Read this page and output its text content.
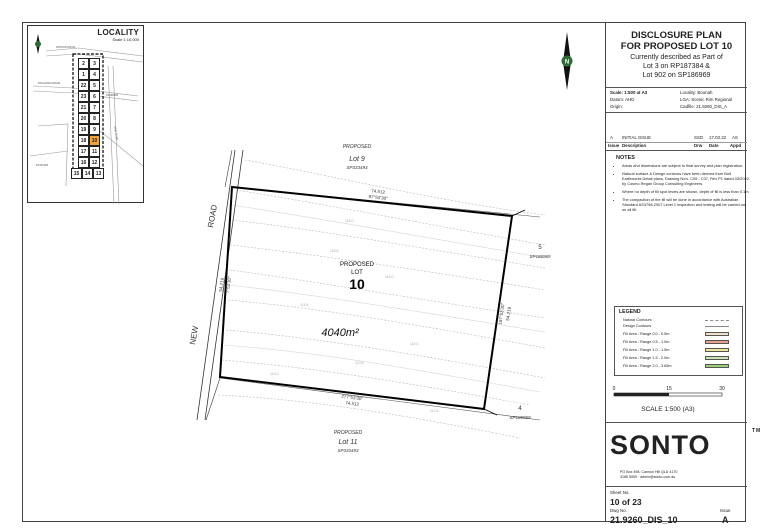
N
ROAD
NEW
PROPOSED
Lot 9
SP333493
PROPOSED
Lot 11
SP333493
PROPOSED
LOT
10
4040m²
5
SP186969
4
SP186969
74.512
97°53'30"
277°53'30"
74.512
54.219 7°53'30"
187°53'30" 54.219
116.0
115.5
115.0
114.5
114.0
113.5
113.0
112.5
LOCALITY
Scale 1:10,000
2	3
4
1
22	5
23	6
21	7
20	8
19	9
18	10
17	11
16	12
15	14	13
WINSOR DRIVE
RICHARDS DRIVE
NEW ROAD
SP186969
RP187384
DISCLOSURE PLAN
FOR PROPOSED LOT 10
Currently described as Part of
Lot 3 on RP187384 &
Lot 902 on SP186969
Scale: 1:500 at A3
Datum: AHD
Origin:
Locality: Boonah
LGA: Scenic Rim Regional
Cadfile: 21.9260_DIS_A
A INITIAL ISSUE	SSD 17.03.22 AS
Issue Description	Drw Date	Appd
NOTES
• Areas and dimensions are subject to final survey and plan registration.
• Natural surface & Design contours have been derived from Bolt Earthworks Detail plans, Drawing No's. C05 - C07, Rev P1 dated 03/2022, by Cosmo Regan Group Consulting Engineers.
• Where no depth of fill spot levels are shown, depth of fill is less than 0.1m.
• The compaction of the fill will be done in accordance with Australian Standard AS3798-2007 Level 1 inspection and testing will be carried out on all fill.
LEGEND
Natural Contours
Design Contours
Fill Area - Range 0.0 - 0.5m
Fill Area - Range 0.5 - 1.0m
Fill Area - Range 1.0 - 1.5m
Fill Area - Range 1.5 - 2.0m
Fill Area - Range 2.0 - 3.65m
0	15	30
SCALE 1:500 (A3)
SONTO	TM
PO Box 498, Cannon Hill QLD 4170
3186 5959 · admin@sonto.com.au
Sheet No.
10 of 23
Dwg No.
21.9260_DIS_10
Issue
A
